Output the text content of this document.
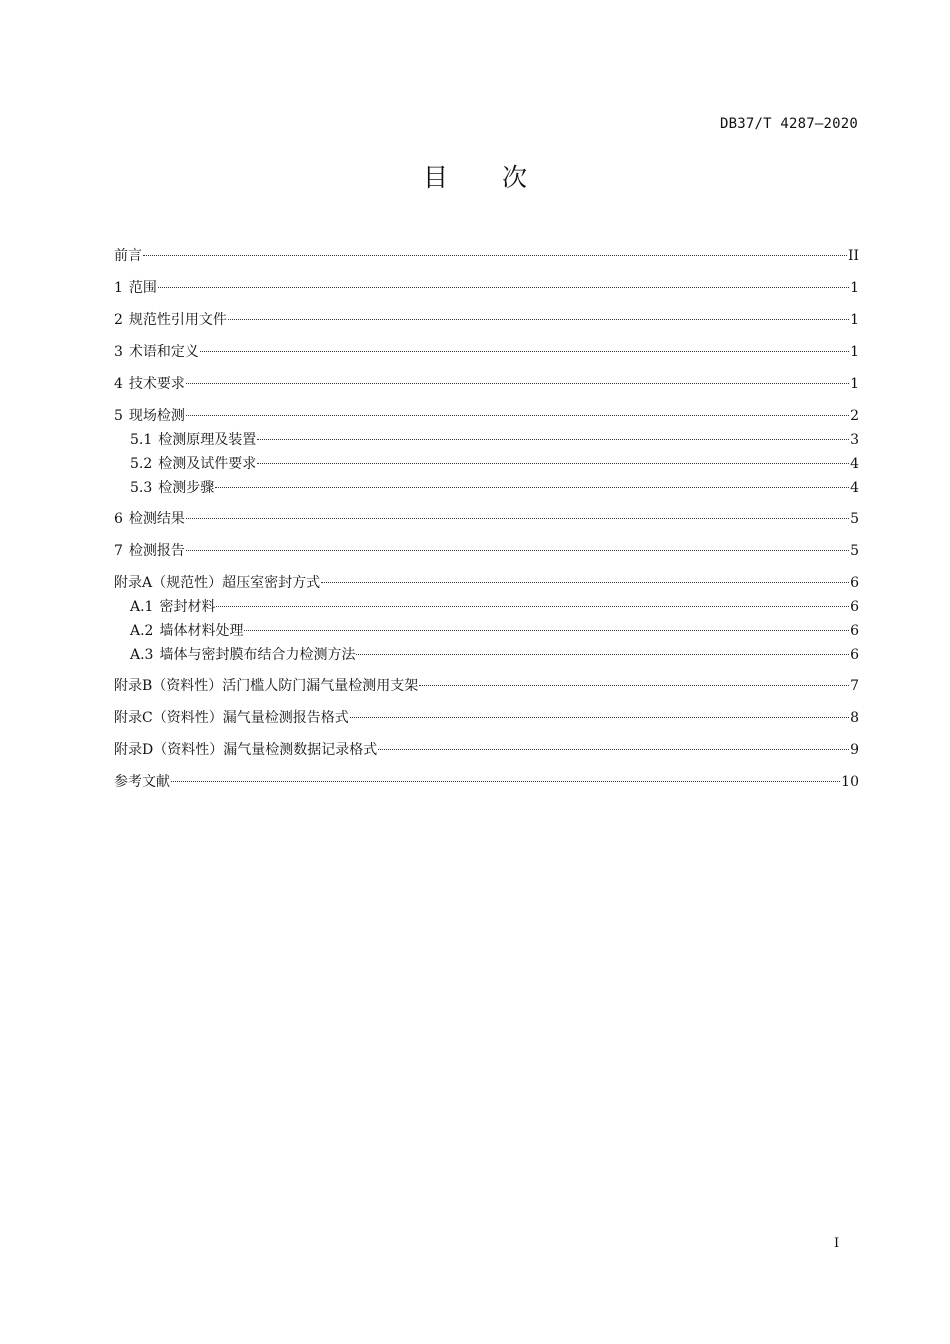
DB37/T 4287—2020
目 次
前言	II
1 范围	1
2 规范性引用文件	1
3 术语和定义	1
4 技术要求	1
5 现场检测	2
5.1 检测原理及装置	3
5.2 检测及试件要求	4
5.3 检测步骤	4
6 检测结果	5
7 检测报告	5
附录A（规范性）超压室密封方式	6
A.1 密封材料	6
A.2 墙体材料处理	6
A.3 墙体与密封膜布结合力检测方法	6
附录B（资料性）活门槛人防门漏气量检测用支架	7
附录C（资料性）漏气量检测报告格式	8
附录D（资料性）漏气量检测数据记录格式	9
参考文献	10
I
